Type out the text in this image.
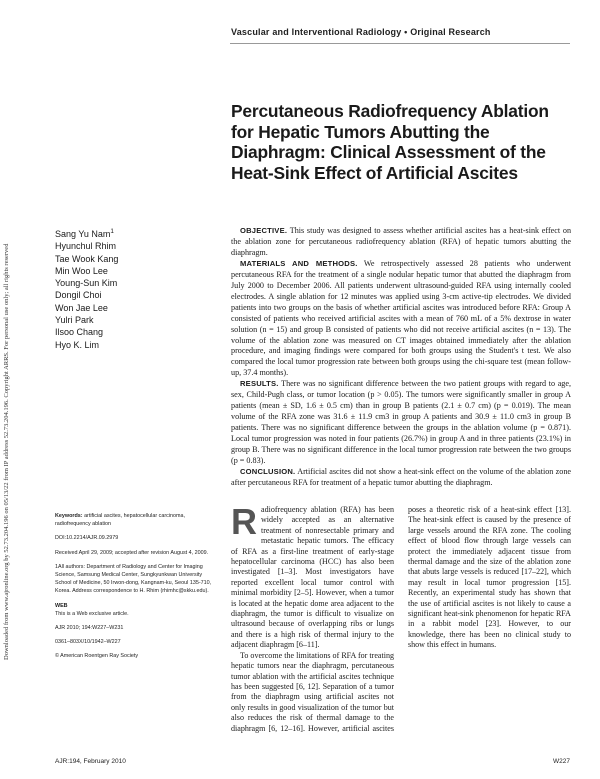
Downloaded from www.ajronline.org by 52.73.204.196 on 05/13/22 from IP address 52.73.204.196. Copyright ARRS. For personal use only; all rights reserved
Vascular and Interventional Radiology • Original Research
Percutaneous Radiofrequency Ablation for Hepatic Tumors Abutting the Diaphragm: Clinical Assessment of the Heat-Sink Effect of Artificial Ascites
Sang Yu Nam$^1$
Hyunchul Rhim
Tae Wook Kang
Min Woo Lee
Young-Sun Kim
Dongil Choi
Won Jae Lee
Yulri Park
Ilsoo Chang
Hyo K. Lim

OBJECTIVE. This study was designed to assess whether artificial ascites has a heat-sink effect on the ablation zone for percutaneous radiofrequency ablation (RFA) of hepatic tumors abutting the diaphragm.

MATERIALS AND METHODS. We retrospectively assessed 28 patients who underwent percutaneous RFA for the treatment of a single nodular hepatic tumor that abutted the diaphragm from July 2000 to December 2006. All patients underwent ultrasound-guided RFA using internally cooled electrodes. A single ablation for 12 minutes was applied using 3-cm active-tip electrodes. We divided patients into two groups on the basis of whether artificial ascites was introduced before RFA: Group A consisted of patients who received artificial ascites with a mean of 760 mL of a 5% dextrose in water solution (n = 15) and group B consisted of patients who did not receive artificial ascites (n = 13). The volume of the ablation zone was measured on CT images obtained immediately after the ablation procedure, and imaging findings were compared for both groups using the Student's t test. We also compared the local tumor progression rate between both groups using the chi-square test (mean follow-up, 37.4 months).

RESULTS. There was no significant difference between the two patient groups with regard to age, sex, Child-Pugh class, or tumor location (p > 0.05). The tumors were significantly smaller in group A patients (mean ± SD, 1.6 ± 0.5 cm) than in group B patients (2.1 ± 0.7 cm) (p = 0.019). The mean volume of the RFA zone was 31.6 ± 11.9 cm3 in group A patients and 30.9 ± 11.0 cm3 in group B patients. There was no significant difference between the groups in the ablation volume (p = 0.871). Local tumor progression was noted in four patients (26.7%) in group A and in three patients (23.1%) in group B. There was no significant difference in the local tumor progression rate between the two groups (p = 0.83).

CONCLUSION. Artificial ascites did not show a heat-sink effect on the volume of the ablation zone after percutaneous RFA for treatment of a hepatic tumor abutting the diaphragm.

Keywords: artificial ascites, hepatocellular carcinoma, radiofrequency ablation

DOI:10.2214/AJR.09.2979

Received April 29, 2009; accepted after revision August 4, 2009.

1All authors: Department of Radiology and Center for Imaging Science, Samsung Medical Center, Sungkyunkwan University School of Medicine, 50 Irwon-dong, Kangnam-ku, Seoul 135-710, Korea. Address correspondence to H. Rhim (rhimhc@skku.edu).

WEB
This is a Web exclusive article.

AJR 2010; 194:W227–W231

0361–803X/10/1942–W227

© American Roentgen Ray Society

Radiofrequency ablation (RFA) has been widely accepted as an alternative treatment of nonresectable primary and metastatic hepatic tumors. The efficacy of RFA as a first-line treatment of early-stage hepatocellular carcinoma (HCC) has also been investigated [1–3]. Most investigators have reported excellent local tumor control with minimal morbidity [2–5]. However, when a tumor is located at the hepatic dome area adjacent to the diaphragm, the tumor is difficult to visualize on ultrasound because of overlapping ribs or lungs and there is a high risk of thermal injury to the adjacent diaphragm [6–11].

To overcome the limitations of RFA for treating hepatic tumors near the diaphragm, percutaneous tumor ablation with the artificial ascites technique has been suggested [6, 12]. Separation of a tumor from the diaphragm using artificial ascites not only results in good visualization of the tumor but also reduces the risk of thermal damage to the diaphragm [6, 12–16]. However, artificial ascites poses a theoretic risk of a heat-sink effect [13]. The heat-sink effect is caused by the presence of large vessels around the RFA zone. The cooling effect of blood flow through large vessels can protect the immediately adjacent tissue from thermal damage and the size of the ablation zone that abuts large vessels is reduced [17–22], which may result in local tumor progression [15]. Recently, an experimental study has shown that the use of artificial ascites is not likely to cause a significant heat-sink phenomenon for hepatic RFA in a rabbit model [23]. However, to our knowledge, there has been no clinical study to show this effect in humans.

AJR:194, February 2010	W227
